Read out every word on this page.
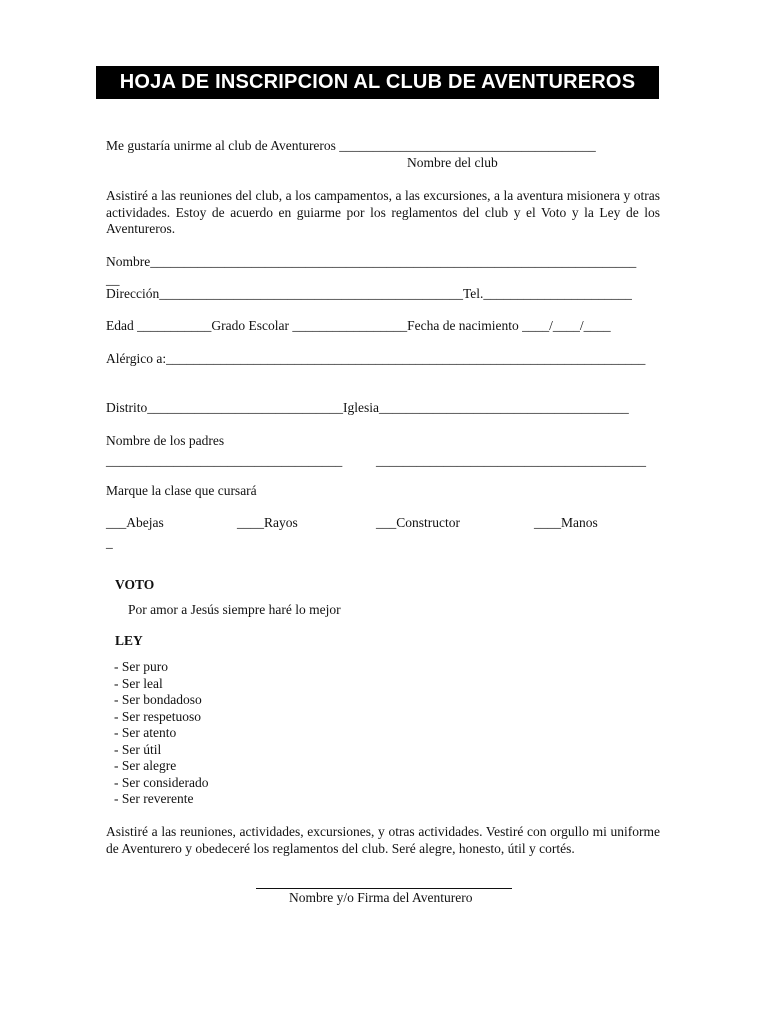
HOJA DE INSCRIPCION AL CLUB DE AVENTUREROS
Me gustaría unirme al club de Aventureros ______________________________________
Nombre del club
Asistiré a las reuniones del club, a los campamentos, a las excursiones, a la aventura misionera y otras actividades. Estoy de acuerdo en guiarme por los reglamentos del club y el Voto y la Ley de los Aventureros.
Nombre________________________________________________________________________
__
Dirección_____________________________________________Tel.______________________
Edad ___________Grado Escolar _________________Fecha de nacimiento ____/____/____
Alérgico a:_______________________________________________________________________
Distrito_____________________________Iglesia_____________________________________
Nombre de los padres
___________________________________	________________________________________
Marque la clase que cursará
___Abejas	____Rayos	___Constructor	____Manos
_
VOTO
Por amor a Jesús siempre haré lo mejor
LEY
- Ser puro
- Ser leal
- Ser bondadoso
- Ser respetuoso
- Ser atento
- Ser útil
- Ser alegre
- Ser considerado
- Ser reverente
Asistiré a las reuniones, actividades, excursiones, y otras actividades. Vestiré con orgullo mi uniforme de Aventurero y obedeceré los reglamentos del club. Seré alegre, honesto, útil y cortés.
Nombre y/o Firma del Aventurero
